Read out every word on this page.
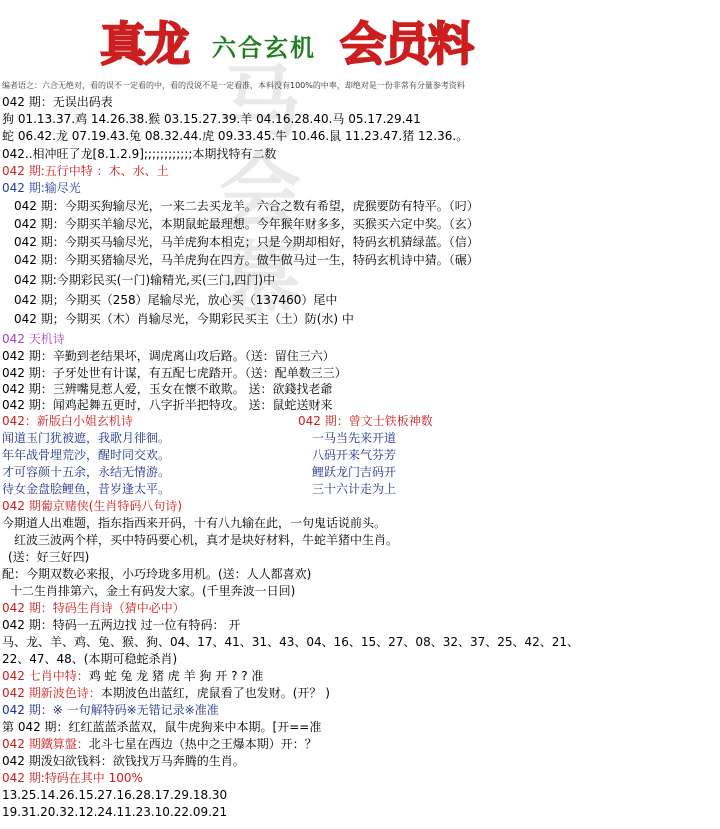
真龙 六合玄机 会员料
马会慕
编者语之：六合无绝对，看的误不一定看的中，看的没说不是一定看准，本料没有100%的中率，却绝对是一份非常有分量参考资料
042 期：无误出码表
狗 01.13.37.鸡 14.26.38.猴 03.15.27.39.羊 04.16.28.40.马 05.17.29.41
蛇 06.42.龙 07.19.43.兔 08.32.44.虎 09.33.45.牛 10.46.鼠 11.23.47.猪 12.36.。
042..相冲旺了龙[8.1.2.9];;;;;;;;;;;;本期找特有二数
042 期:五行中特 ：木、水、土
042 期:输尽光
042 期：今期买狗输尽光，一来二去买龙羊。六合之数有希望，虎猴要防有特平。（叼）
042 期：今期买羊输尽光，本期鼠蛇最理想。今年猴年财多多，买猴买六定中奖。（玄）
042 期：今期买马输尽光，马羊虎狗本相克；只是今期却相好，特码玄机猜绿蓝。（信）
042 期：今期买猪输尽光，马羊虎狗在四方。做牛做马过一生，特码玄机诗中猜。（碾）
042 期:今期彩民买(一门)输精光,买(三门,四门)中
042 期；今期买（258）尾输尽光，放心买（137460）尾中
042 期；今期买（木）肖输尽光，今期彩民买主（土）防(水) 中
042 天机诗
042 期：辛勤到老结果坏，调虎离山攻后路。（送：留住三六）
042 期：子牙处世有计谋，有五配七虎踏开。（送：配单数三三）
042 期：三辨嘴見惹人爱，玉女在懷不敢欺。 送：欲錢找老爺
042 期：闻鸡起舞五更时，八字折半把特攻。 送：鼠蛇送财来
042：新版白小姐玄机诗	042 期：曾文士铁板神数
闻道玉门犹被遮，我歌月徘徊。	一马当先来开道
年年战骨埋荒沙，醒时同交欢。	八码开来气芬芳
才可容颜十五余，永结无情游。	鲤跃龙门吉码开
待女金盘脍鲤鱼，昔岁逢太平。	三十六计走为上
042 期葡京赌侠(生肖特码八句诗)
今期道人出难题，指东指西来开码，十有八九输在此，一句鬼话说前头。
红波三波两个样，买中特码要心机，真才是块好材料，牛蛇羊猪中生肖。
(送：好三好四)
配：今期双数必来报，小巧玲珑多用机。(送：人人都喜欢)
十二生肖排第六，金土有码发大家。(千里奔波一日回)
042 期：特码生肖诗（猜中必中）
042 期：特码一五两边找 过一位有特码： 开
马、龙、羊、鸡、兔、猴、狗、04、17、41、31、43、04、16、15、27、08、32、37、25、42、21、
22、47、48、(本期可稳蛇杀肖)
042 七肖中特：鸡 蛇 兔 龙 猪 虎 羊 狗 开 ? ? 准
042 期新波色诗：本期波色出蓝红，虎鼠看了也发财。(开？ )
042 期：※ 一句解特码※无错记录※准准
第 042 期：红红蓝蓝杀蓝双，鼠牛虎狗来中本期。[开==准
042 期鐵算盤：北斗七星在西边（热中之王爆本期）开：？
042 期泼妇欲钱料：欲钱找万马奔腾的生肖。
042 期:特码在其中 100%
13.25.14.26.15.27.16.28.17.29.18.30
19.31.20.32.12.24.11.23.10.22.09.21
